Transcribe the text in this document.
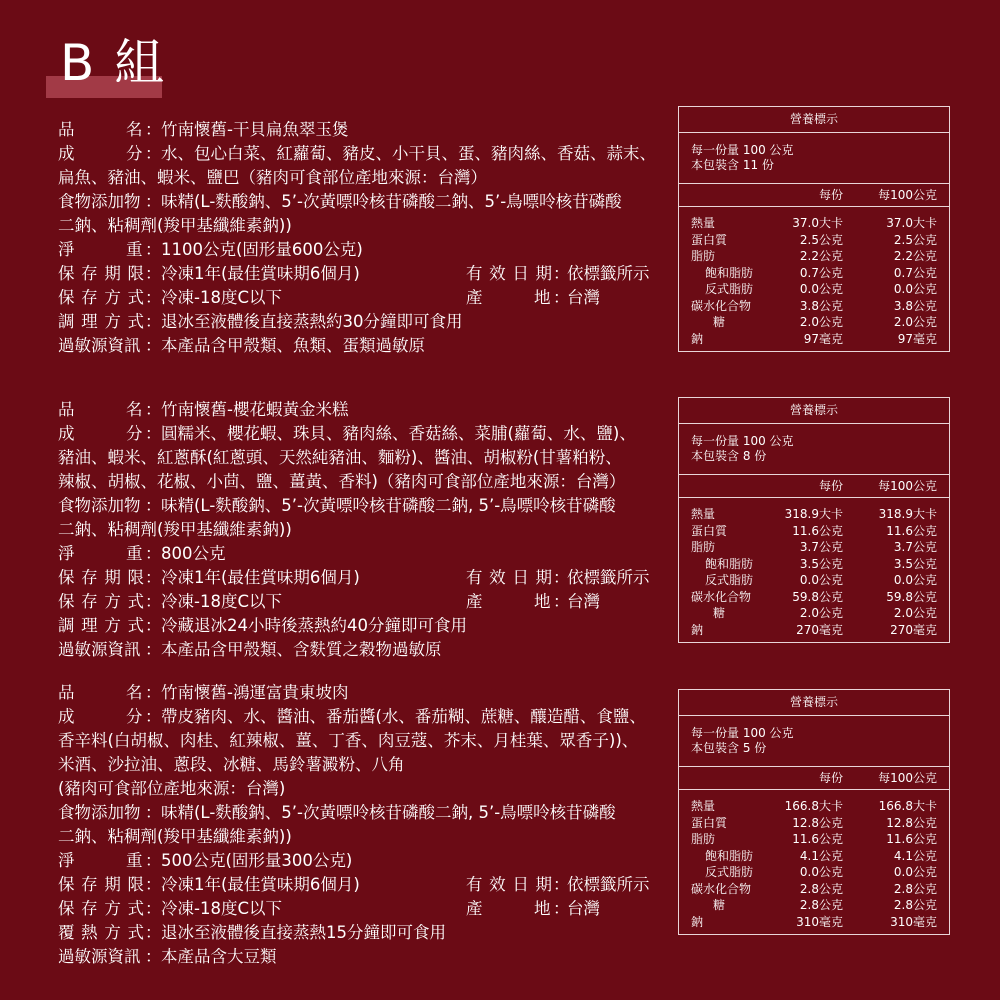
B 組
品	名 ： 竹南懷舊-干貝扁魚翠玉煲
成	分 ： 水、包心白菜、紅蘿蔔、豬皮、小干貝、蛋、豬肉絲、香菇、蒜末、
扁魚、豬油、蝦米、鹽巴（豬肉可食部位產地來源：台灣）
食物添加物 ： 味精(L-麩酸鈉、5’-次黃嘌呤核苷磷酸二鈉、5’-鳥嘌呤核苷磷酸
二鈉、粘稠劑(羧甲基纖維素鈉))
淨	重 ： 1100公克(固形量600公克)
保 存 期 限 ： 冷凍1年(最佳賞味期6個月)	有 效 日 期 ：
依標籤所示
保 存 方 式 ： 冷凍-18度C以下	產	地 ：
台灣
調 理 方 式 ： 退冰至液體後直接蒸熱約30分鐘即可食用
過敏源資訊 ： 本產品含甲殼類、魚類、蛋類過敏原
營養標示
每一份量 100 公克
本包裝含 11 份
每份	每100公克
熱量	37.0大卡	37.0大卡
蛋白質	2.5公克	2.5公克
脂肪	2.2公克	2.2公克
飽和脂肪	0.7公克	0.7公克
反式脂肪	0.0公克	0.0公克
碳水化合物	3.8公克	3.8公克
糖	2.0公克	2.0公克
鈉	97毫克	97毫克
品	名 ： 竹南懷舊-櫻花蝦黃金米糕
成	分 ： 圓糯米、櫻花蝦、珠貝、豬肉絲、香菇絲、菜脯(蘿蔔、水、鹽)、
豬油、蝦米、紅蔥酥(紅蔥頭、天然純豬油、麵粉)、醬油、胡椒粉(甘薯粕粉、
辣椒、胡椒、花椒、小茴、鹽、薑黃、香料)（豬肉可食部位產地來源：台灣）
食物添加物 ： 味精(L-麩酸鈉、5’-次黃嘌呤核苷磷酸二鈉, 5’-鳥嘌呤核苷磷酸
二鈉、粘稠劑(羧甲基纖維素鈉))
淨	重 ： 800公克
保 存 期 限 ： 冷凍1年(最佳賞味期6個月)	有 效 日 期 ：
依標籤所示
保 存 方 式 ： 冷凍-18度C以下	產	地 ：
台灣
調 理 方 式 ： 冷藏退冰24小時後蒸熱約40分鐘即可食用
過敏源資訊 ： 本產品含甲殼類、含麩質之穀物過敏原
營養標示
每一份量 100 公克
本包裝含 8 份
每份	每100公克
熱量	318.9大卡	318.9大卡
蛋白質	11.6公克	11.6公克
脂肪	3.7公克	3.7公克
飽和脂肪	3.5公克	3.5公克
反式脂肪	0.0公克	0.0公克
碳水化合物	59.8公克	59.8公克
糖	2.0公克	2.0公克
鈉	270毫克	270毫克
品	名 ： 竹南懷舊-鴻運富貴東坡肉
成	分 ： 帶皮豬肉、水、醬油、番茄醬(水、番茄糊、蔗糖、釀造醋、食鹽、
香辛料(白胡椒、肉桂、紅辣椒、薑、丁香、肉豆蔻、芥末、月桂葉、眾香子))、
米酒、沙拉油、蔥段、冰糖、馬鈴薯澱粉、八角
(豬肉可食部位產地來源：台灣)
食物添加物 ： 味精(L-麩酸鈉、5’-次黃嘌呤核苷磷酸二鈉, 5’-鳥嘌呤核苷磷酸
二鈉、粘稠劑(羧甲基纖維素鈉))
淨	重 ： 500公克(固形量300公克)
保 存 期 限 ： 冷凍1年(最佳賞味期6個月)	有 效 日 期 ：
依標籤所示
保 存 方 式 ： 冷凍-18度C以下	產	地 ：
台灣
覆 熱 方 式 ： 退冰至液體後直接蒸熱15分鐘即可食用
過敏源資訊 ： 本產品含大豆類
營養標示
每一份量 100 公克
本包裝含 5 份
每份	每100公克
熱量	166.8大卡	166.8大卡
蛋白質	12.8公克	12.8公克
脂肪	11.6公克	11.6公克
飽和脂肪	4.1公克	4.1公克
反式脂肪	0.0公克	0.0公克
碳水化合物	2.8公克	2.8公克
糖	2.8公克	2.8公克
鈉	310毫克	310毫克
